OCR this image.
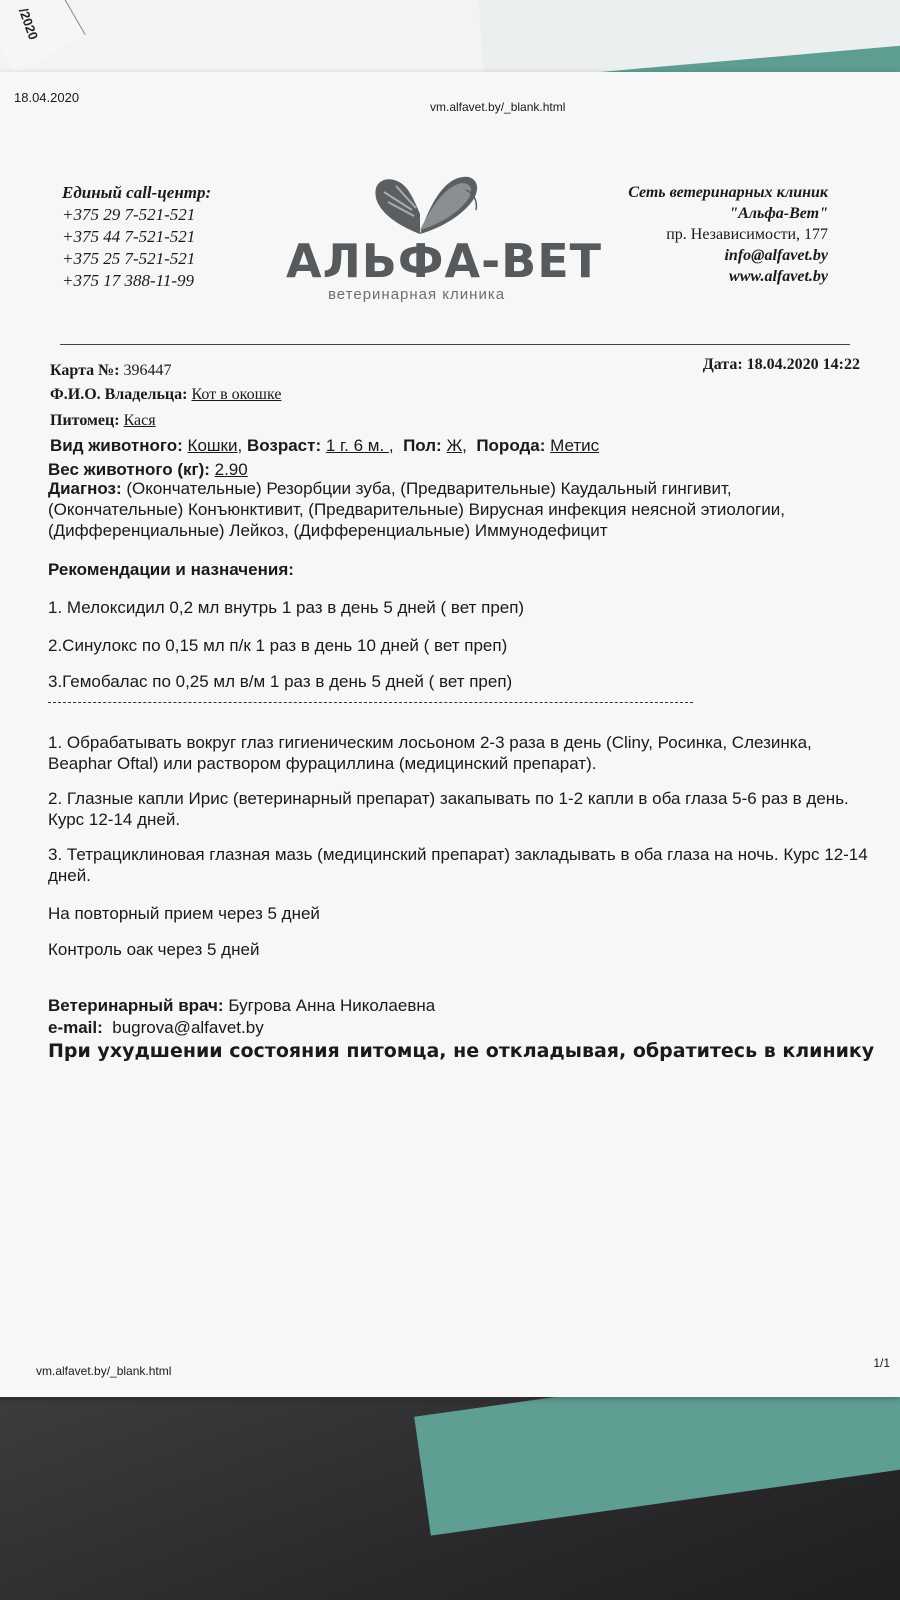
/2020
18.04.2020
vm.alfavet.by/_blank.html
Единый call-центр:
+375 29 7-521-521
+375 44 7-521-521
+375 25 7-521-521
+375 17 388-11-99	АЛЬФА-ВЕТ
ветеринарная клиника
Сеть ветеринарных клиник
"Альфа-Вет"
пр. Независимости, 177
info@alfavet.by
www.alfavet.by
Карта №: 396447	Дата: 18.04.2020 14:22
Ф.И.О. Владельца: Кот в окошке
Питомец: Кася
Вид животного: Кошки, Возраст: 1 г. 6 м. ,  Пол: Ж,  Порода: Метис
Вес животного (кг): 2.90
Диагноз: (Окончательные) Резорбции зуба, (Предварительные) Каудальный гингивит, (Окончательные) Конъюнктивит, (Предварительные) Вирусная инфекция неясной этиологии, (Дифференциальные) Лейкоз, (Дифференциальные) Иммунодефицит
Рекомендации и назначения:
1. Мелоксидил 0,2 мл внутрь 1 раз в день 5 дней ( вет преп)
2.Синулокс по 0,15 мл п/к 1 раз в день 10 дней ( вет преп)
3.Гемобалас по 0,25 мл в/м 1 раз в день 5 дней ( вет преп)
1. Обрабатывать вокруг глаз гигиеническим лосьоном 2-3 раза в день (Cliny, Росинка, Слезинка, Beaphar Oftal) или раствором фурациллина (медицинский препарат).
2. Глазные капли Ирис (ветеринарный препарат) закапывать по 1-2 капли в оба глаза 5-6 раз в день. Курс 12-14 дней.
3. Тетрациклиновая глазная мазь (медицинский препарат) закладывать в оба глаза на ночь. Курс 12-14 дней.
На повторный прием через 5 дней
Контроль оак через 5 дней
Ветеринарный врач: Бугрова Анна Николаевна
e-mail: bugrova@alfavet.by
При ухудшении состояния питомца, не откладывая, обратитесь в клинику
vm.alfavet.by/_blank.html
1/1
